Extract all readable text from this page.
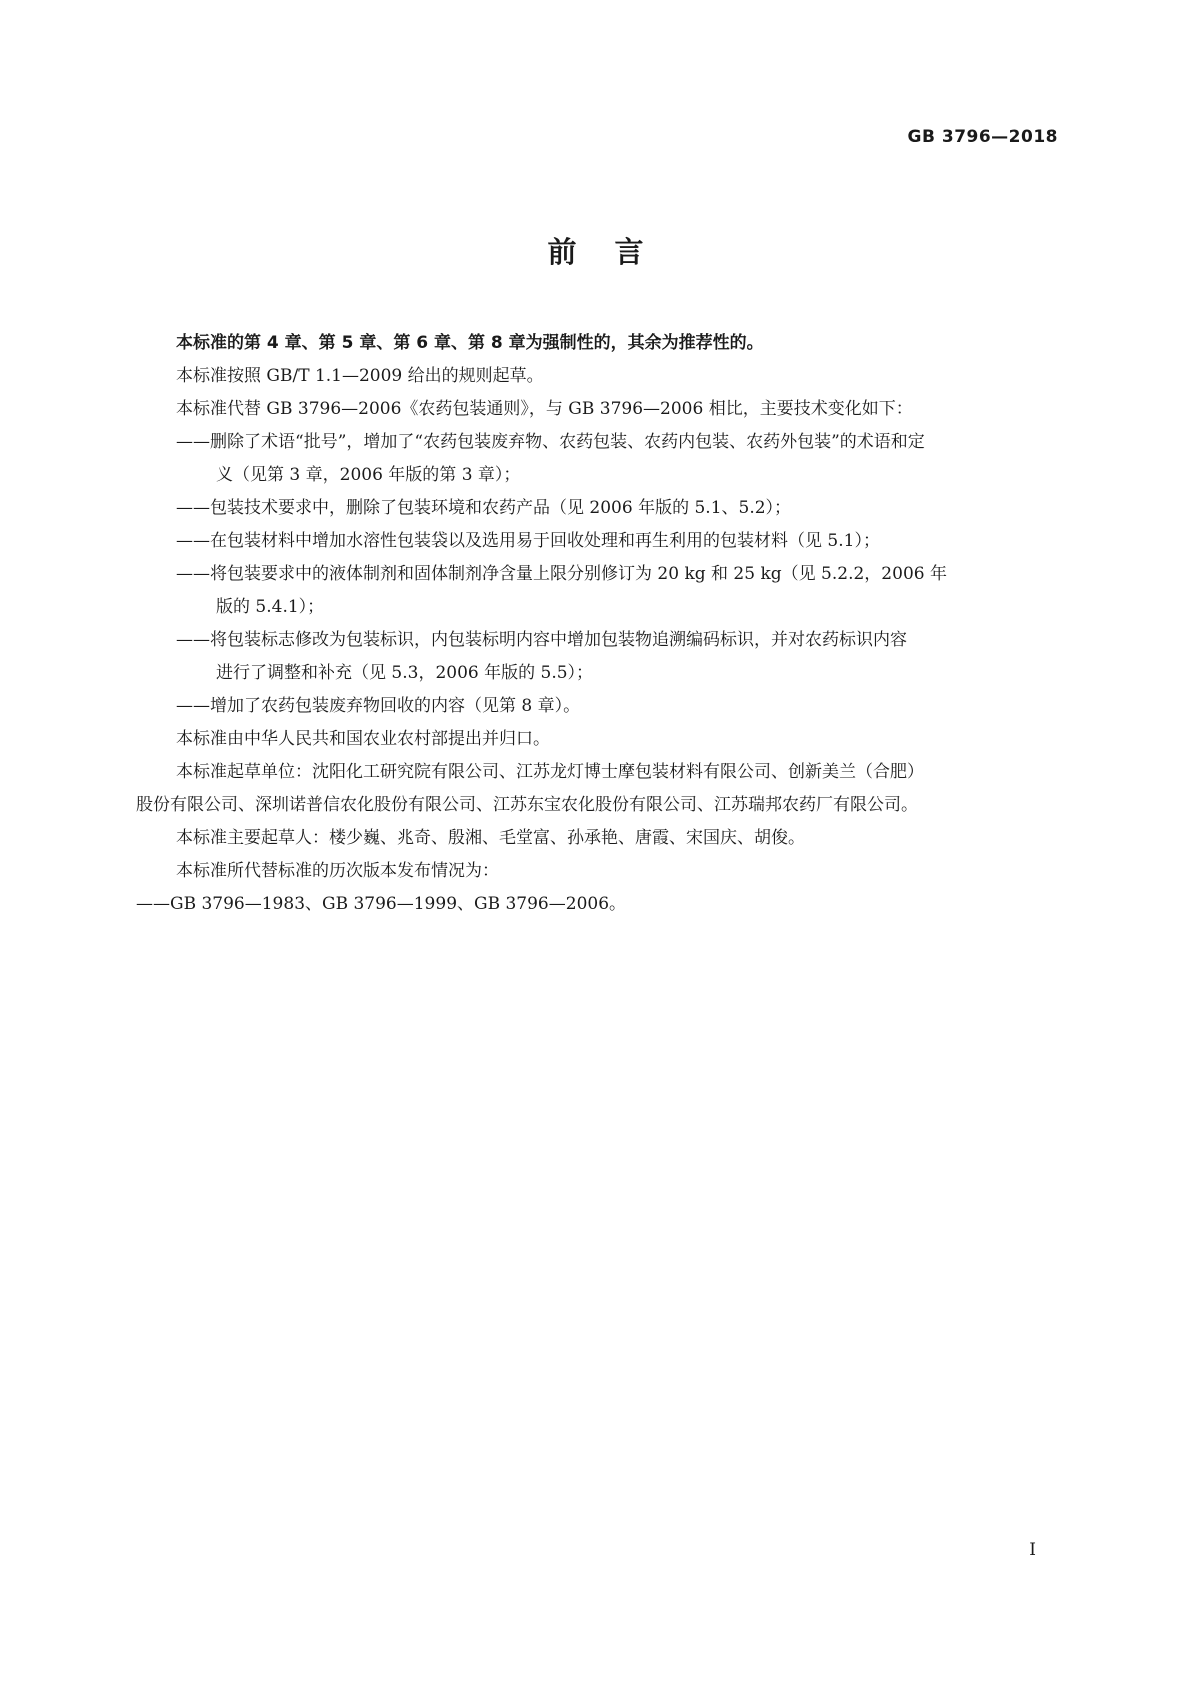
GB 3796—2018
前言

本标准的第 4 章、第 5 章、第 6 章、第 8 章为强制性的，其余为推荐性的。

本标准按照 GB/T 1.1—2009 给出的规则起草。

本标准代替 GB 3796—2006《农药包装通则》，与 GB 3796—2006 相比，主要技术变化如下：

——删除了术语“批号”，增加了“农药包装废弃物、农药包装、农药内包装、农药外包装”的术语和定

义（见第 3 章，2006 年版的第 3 章）；

——包装技术要求中，删除了包装环境和农药产品（见 2006 年版的 5.1、5.2）；

——在包装材料中增加水溶性包装袋以及选用易于回收处理和再生利用的包装材料（见 5.1）；

——将包装要求中的液体制剂和固体制剂净含量上限分别修订为 20 kg 和 25 kg（见 5.2.2，2006 年

版的 5.4.1）；

——将包装标志修改为包装标识，内包装标明内容中增加包装物追溯编码标识，并对农药标识内容

进行了调整和补充（见 5.3，2006 年版的 5.5）；

——增加了农药包装废弃物回收的内容（见第 8 章）。

本标准由中华人民共和国农业农村部提出并归口。

本标准起草单位：沈阳化工研究院有限公司、江苏龙灯博士摩包装材料有限公司、创新美兰（合肥）

股份有限公司、深圳诺普信农化股份有限公司、江苏东宝农化股份有限公司、江苏瑞邦农药厂有限公司。

本标准主要起草人：楼少巍、兆奇、殷湘、毛堂富、孙承艳、唐霞、宋国庆、胡俊。

本标准所代替标准的历次版本发布情况为：

——GB 3796—1983、GB 3796—1999、GB 3796—2006。

I
